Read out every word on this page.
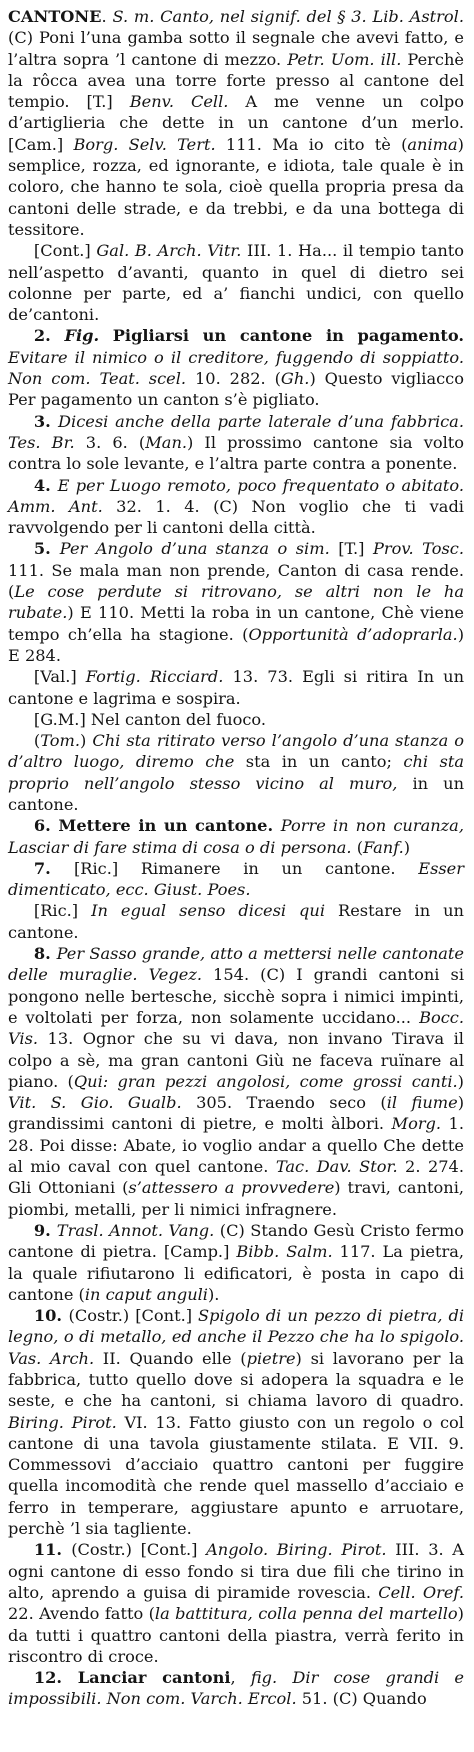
CANTONE. S. m. Canto, nel signif. del § 3. Lib. Astrol. (C) Poni l’una gamba sotto il segnale che avevi fatto, e l’altra sopra ’l cantone di mezzo. Petr. Uom. ill. Perchè la rôcca avea una torre forte presso al cantone del tempio. [T.] Benv. Cell. A me venne un colpo d’artiglieria che dette in un cantone d’un merlo. [Cam.] Borg. Selv. Tert. 111. Ma io cito tè (anima) semplice, rozza, ed ignorante, e idiota, tale quale è in coloro, che hanno te sola, cioè quella propria presa da cantoni delle strade, e da trebbi, e da una bottega di tessitore.

[Cont.] Gal. B. Arch. Vitr. III. 1. Ha... il tempio tanto nell’aspetto d’avanti, quanto in quel di dietro sei colonne per parte, ed a’ fianchi undici, con quello de’cantoni.

2. Fig. Pigliarsi un cantone in pagamento. Evitare il nimico o il creditore, fuggendo di soppiatto. Non com. Teat. scel. 10. 282. (Gh.) Questo vigliacco Per pagamento un canton s’è pigliato.

3. Dicesi anche della parte laterale d’una fabbrica. Tes. Br. 3. 6. (Man.) Il prossimo cantone sia volto contra lo sole levante, e l’altra parte contra a ponente.

4. E per Luogo remoto, poco frequentato o abitato. Amm. Ant. 32. 1. 4. (C) Non voglio che ti vadi ravvolgendo per li cantoni della città.

5. Per Angolo d’una stanza o sim. [T.] Prov. Tosc. 111. Se mala man non prende, Canton di casa rende. (Le cose perdute si ritrovano, se altri non le ha rubate.) E 110. Metti la roba in un cantone, Chè viene tempo ch’ella ha stagione. (Opportunità d’adoprarla.) E 284.

[Val.] Fortig. Ricciard. 13. 73. Egli si ritira In un cantone e lagrima e sospira.

[G.M.] Nel canton del fuoco.

(Tom.) Chi sta ritirato verso l’angolo d’una stanza o d’altro luogo, diremo che sta in un canto; chi sta proprio nell’angolo stesso vicino al muro, in un cantone.

6. Mettere in un cantone. Porre in non curanza, Lasciar di fare stima di cosa o di persona. (Fanf.)

7. [Ric.] Rimanere in un cantone. Esser dimenticato, ecc. Giust. Poes.

[Ric.] In egual senso dicesi qui Restare in un cantone.

8. Per Sasso grande, atto a mettersi nelle cantonate delle muraglie. Vegez. 154. (C) I grandi cantoni si pongono nelle bertesche, sicchè sopra i nimici impinti, e voltolati per forza, non solamente uccidano... Bocc. Vis. 13. Ognor che su vi dava, non invano Tirava il colpo a sè, ma gran cantoni Giù ne faceva ruïnare al piano. (Qui: gran pezzi angolosi, come grossi canti.) Vit. S. Gio. Gualb. 305. Traendo seco (il fiume) grandissimi cantoni di pietre, e molti àlbori. Morg. 1. 28. Poi disse: Abate, io voglio andar a quello Che dette al mio caval con quel cantone. Tac. Dav. Stor. 2. 274. Gli Ottoniani (s’attessero a provvedere) travi, cantoni, piombi, metalli, per li nimici infragnere.

9. Trasl. Annot. Vang. (C) Stando Gesù Cristo fermo cantone di pietra. [Camp.] Bibb. Salm. 117. La pietra, la quale rifiutarono li edificatori, è posta in capo di cantone (in caput anguli).

10. (Costr.) [Cont.] Spigolo di un pezzo di pietra, di legno, o di metallo, ed anche il Pezzo che ha lo spigolo. Vas. Arch. II. Quando elle (pietre) si lavorano per la fabbrica, tutto quello dove si adopera la squadra e le seste, e che ha cantoni, si chiama lavoro di quadro. Biring. Pirot. VI. 13. Fatto giusto con un regolo o col cantone di una tavola giustamente stilata. E VII. 9. Commessovi d’acciaio quattro cantoni per fuggire quella incomodità che rende quel massello d’acciaio e ferro in temperare, aggiustare apunto e arruotare, perchè ’l sia tagliente.

11. (Costr.) [Cont.] Angolo. Biring. Pirot. III. 3. A ogni cantone di esso fondo si tira due fili che tirino in alto, aprendo a guisa di piramide rovescia. Cell. Oref. 22. Avendo fatto (la battitura, colla penna del martello) da tutti i quattro cantoni della piastra, verrà ferito in riscontro di croce.

12. Lanciar cantoni, fig. Dir cose grandi e impossibili. Non com. Varch. Ercol. 51. (C) Quando
